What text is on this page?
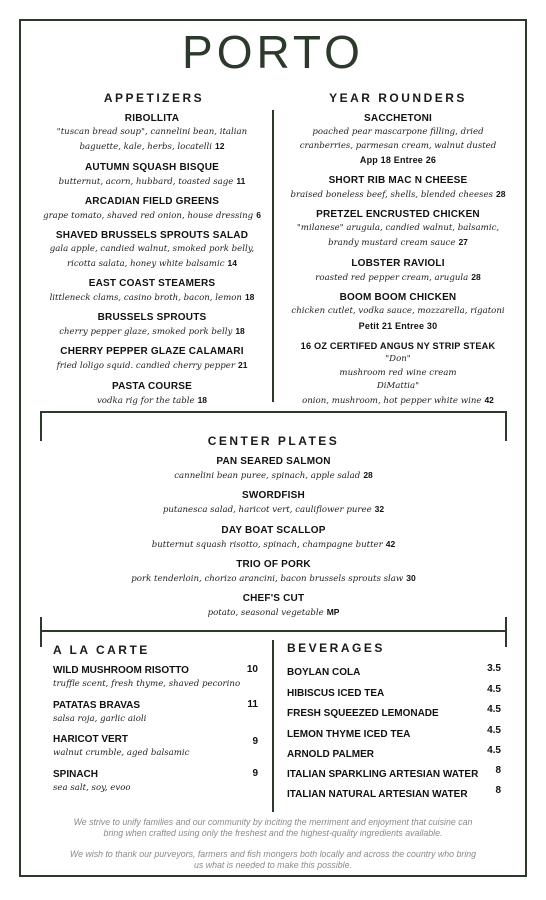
PORTO
APPETIZERS	YEAR ROUNDERS
RIBOLLITA
"tuscan bread soup", cannelini bean, italian
baguette, kale, herbs, locatelli 12
AUTUMN SQUASH BISQUE
butternut, acorn, hubbard, toasted sage 11
ARCADIAN FIELD GREENS
grape tomato, shaved red onion, house dressing 6
SHAVED BRUSSELS SPROUTS SALAD
gala apple, candied walnut, smoked pork belly,
ricotta salata, honey white balsamic 14
EAST COAST STEAMERS
littleneck clams, casino broth, bacon, lemon 18
BRUSSELS SPROUTS
cherry pepper glaze, smoked pork belly 18
CHERRY PEPPER GLAZE CALAMARI
fried loligo squid. candied cherry pepper 21
PASTA COURSE
vodka rig for the table 18
SACCHETONI
poached pear mascarpone filling, dried
cranberries, parmesan cream, walnut dusted
App 18 Entree 26
SHORT RIB MAC N CHEESE
braised boneless beef, shells, blended cheeses 28
PRETZEL ENCRUSTED CHICKEN
"milanese" arugula, candied walnut, balsamic,
brandy mustard cream sauce 27
LOBSTER RAVIOLI
roasted red pepper cream, arugula 28
BOOM BOOM CHICKEN
chicken cutlet, vodka sauce, mozzarella, rigatoni
Petit 21 Entree 30
16 OZ CERTIFED ANGUS NY STRIP STEAK
"Don"
mushroom red wine cream
DiMattia"
onion, mushroom, hot pepper white wine 42
CENTER PLATES
PAN SEARED SALMON
cannelini bean puree, spinach, apple salad 28
SWORDFISH
putanesca salad, haricot vert, cauliflower puree 32
DAY BOAT SCALLOP
butternut squash risotto, spinach, champagne butter 42
TRIO OF PORK
pork tenderloin, chorizo arancini, bacon brussels sprouts slaw 30
CHEF'S CUT
potato, seasonal vegetable MP
A LA CARTE
WILD MUSHROOM RISOTTO
truffle scent, fresh thyme, shaved pecorino
10
PATATAS BRAVAS
salsa roja, garlic aioli
11
HARICOT VERT
walnut crumble, aged balsamic
9
SPINACH
sea salt, soy, evoo
9
BEVERAGES
BOYLAN COLA	3.5
HIBISCUS ICED TEA	4.5
FRESH SQUEEZED LEMONADE	4.5
LEMON THYME ICED TEA	4.5
ARNOLD PALMER	4.5
ITALIAN SPARKLING ARTESIAN WATER 8
ITALIAN NATURAL ARTESIAN WATER	8
We strive to unify families and our community by inciting the merriment and enjoyment that cuisine can
bring when crafted using only the freshest and the highest-quality ingredients available.
We wish to thank our purveyors, farmers and fish mongers both locally and across the country who bring
us what is needed to make this possible.
